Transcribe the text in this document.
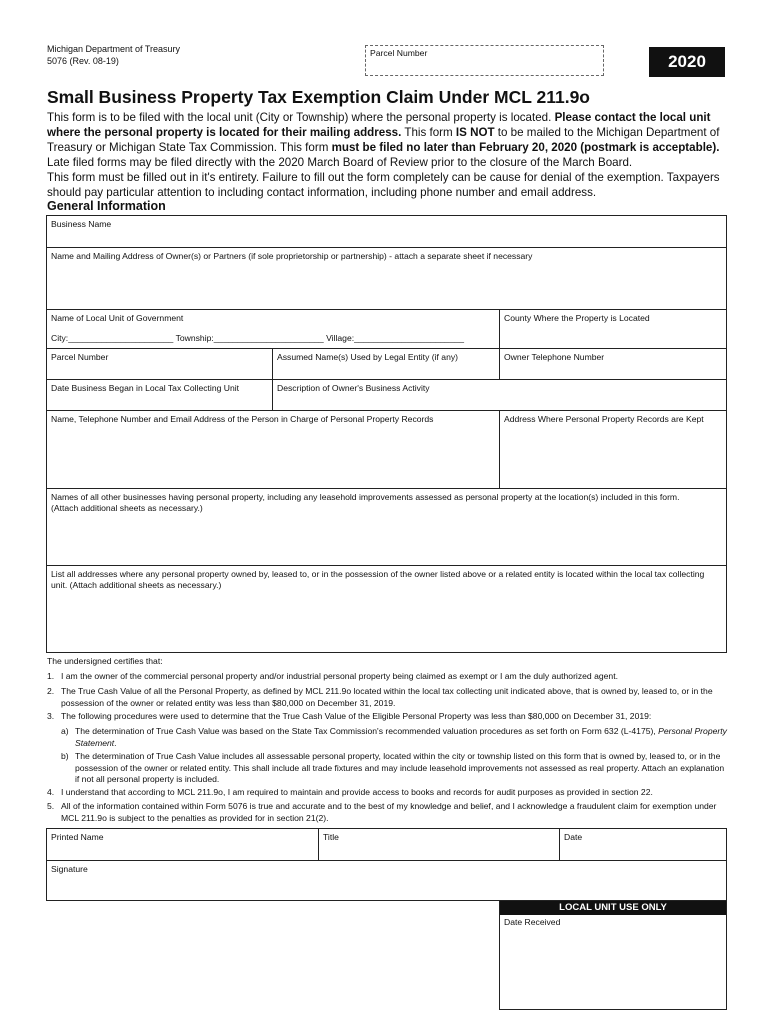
Michigan Department of Treasury
5076 (Rev. 08-19)
Parcel Number	2020
Small Business Property Tax Exemption Claim Under MCL 211.9o
This form is to be filed with the local unit (City or Township) where the personal property is located. Please contact the local unit where the personal property is located for their mailing address. This form IS NOT to be mailed to the Michigan Department of Treasury or Michigan State Tax Commission. This form must be filed no later than February 20, 2020 (postmark is acceptable). Late filed forms may be filed directly with the 2020 March Board of Review prior to the closure of the March Board.
This form must be filled out in it's entirety. Failure to fill out the form completely can be cause for denial of the exemption. Taxpayers should pay particular attention to including contact information, including phone number and email address.
General Information
Business Name
Name and Mailing Address of Owner(s) or Partners (if sole proprietorship or partnership) - attach a separate sheet if necessary
Name of Local Unit of Government
City:______________________ Township:_______________________ Village:_______________________
County Where the Property is Located
Parcel Number	Assumed Name(s) Used by Legal Entity (if any)	Owner Telephone Number
Date Business Began in Local Tax Collecting Unit	Description of Owner's Business Activity
Name, Telephone Number and Email Address of the Person in Charge of Personal Property Records	Address Where Personal Property Records are Kept
Names of all other businesses having personal property, including any leasehold improvements assessed as personal property at the location(s) included in this form. (Attach additional sheets as necessary.)
List all addresses where any personal property owned by, leased to, or in the possession of the owner listed above or a related entity is located within the local tax collecting unit. (Attach additional sheets as necessary.)
The undersigned certifies that:
1. I am the owner of the commercial personal property and/or industrial personal property being claimed as exempt or I am the duly authorized agent.
2. The True Cash Value of all the Personal Property, as defined by MCL 211.9o located within the local tax collecting unit indicated above, that is owned by, leased to, or in the possession of the owner or related entity was less than $80,000 on December 31, 2019.
3. The following procedures were used to determine that the True Cash Value of the Eligible Personal Property was less than $80,000 on December 31, 2019:
a) The determination of True Cash Value was based on the State Tax Commission's recommended valuation procedures as set forth on Form 632 (L-4175), Personal Property Statement.
b) The determination of True Cash Value includes all assessable personal property, located within the city or township listed on this form that is owned by, leased to, or in the possession of the owner or related entity. This shall include all trade fixtures and may include leasehold improvements not assessed as real property. Attach an explanation if not all personal property is included.
4. I understand that according to MCL 211.9o, I am required to maintain and provide access to books and records for audit purposes as provided in section 22.
5. All of the information contained within Form 5076 is true and accurate and to the best of my knowledge and belief, and I acknowledge a fraudulent claim for exemption under MCL 211.9o is subject to the penalties as provided for in section 21(2).
Printed Name	Title	Date
Signature
LOCAL UNIT USE ONLY
Date Received
